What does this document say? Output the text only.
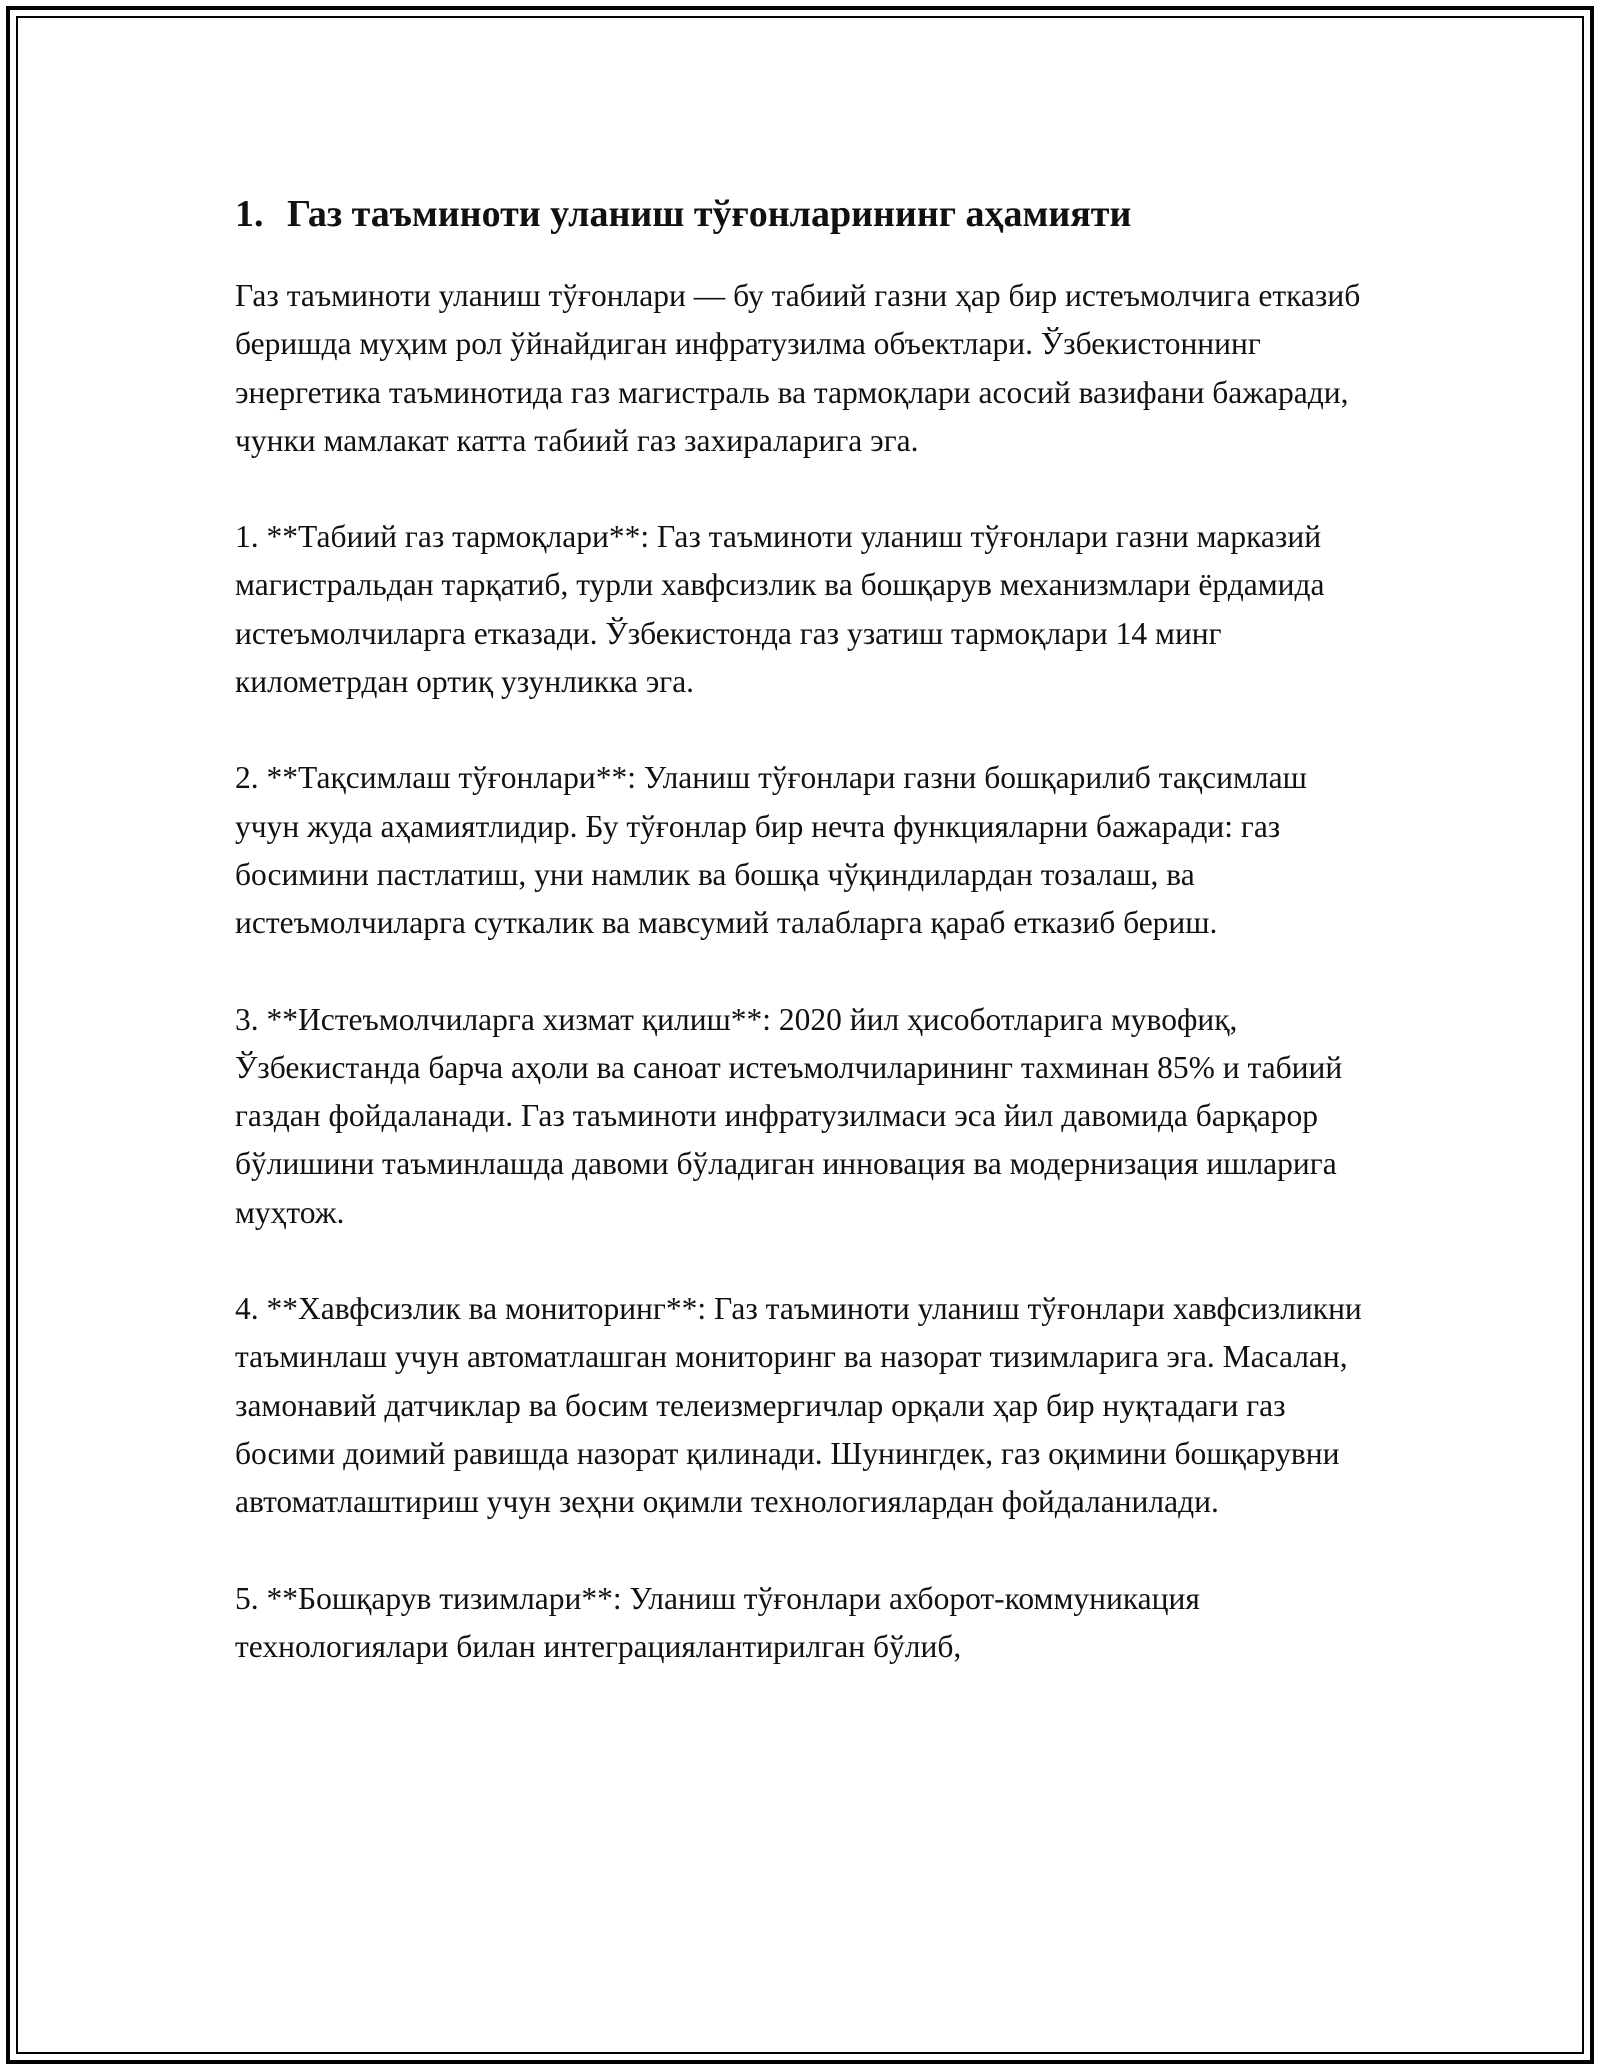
1. Газ таъминоти уланиш тўғонларининг аҳамияти

Газ таъминоти уланиш тўғонлари — бу табиий газни ҳар бир истеъмолчига етказиб беришда муҳим рол ўйнайдиган инфратузилма объектлари. Ўзбекистоннинг энергетика таъминотида газ магистраль ва тармоқлари асосий вазифани бажаради, чунки мамлакат катта табиий газ захираларига эга.

1. **Табиий газ тармоқлари**: Газ таъминоти уланиш тўғонлари газни марказий магистральдан тарқатиб, турли хавфсизлик ва бошқарув механизмлари ёрдамида истеъмолчиларга етказади. Ўзбекистонда газ узатиш тармоқлари 14 минг километрдан ортиқ узунликка эга.

2. **Тақсимлаш тўғонлари**: Уланиш тўғонлари газни бошқарилиб тақсимлаш учун жуда аҳамиятлидир. Бу тўғонлар бир нечта функцияларни бажаради: газ босимини пастлатиш, уни намлик ва бошқа чўқиндилардан тозалаш, ва истеъмолчиларга суткалик ва мавсумий талабларга қараб етказиб бериш.

3. **Истеъмолчиларга хизмат қилиш**: 2020 йил ҳисоботларига мувофиқ, Ўзбекистанда барча аҳоли ва саноат истеъмолчиларининг тахминан 85% и табиий газдан фойдаланади. Газ таъминоти инфратузилмаси эса йил давомида барқарор бўлишини таъминлашда давоми бўладиган инновация ва модернизация ишларига муҳтож.

4. **Хавфсизлик ва мониторинг**: Газ таъминоти уланиш тўғонлари хавфсизликни таъминлаш учун автоматлашган мониторинг ва назорат тизимларига эга. Масалан, замонавий датчиклар ва босим телеизмергичлар орқали ҳар бир нуқтадаги газ босими доимий равишда назорат қилинади. Шунингдек, газ оқимини бошқарувни автоматлаштириш учун зеҳни оқимли технологиялардан фойдаланилади.

5. **Бошқарув тизимлари**: Уланиш тўғонлари ахборот-коммуникация технологиялари билан интеграциялантирилган бўлиб,
